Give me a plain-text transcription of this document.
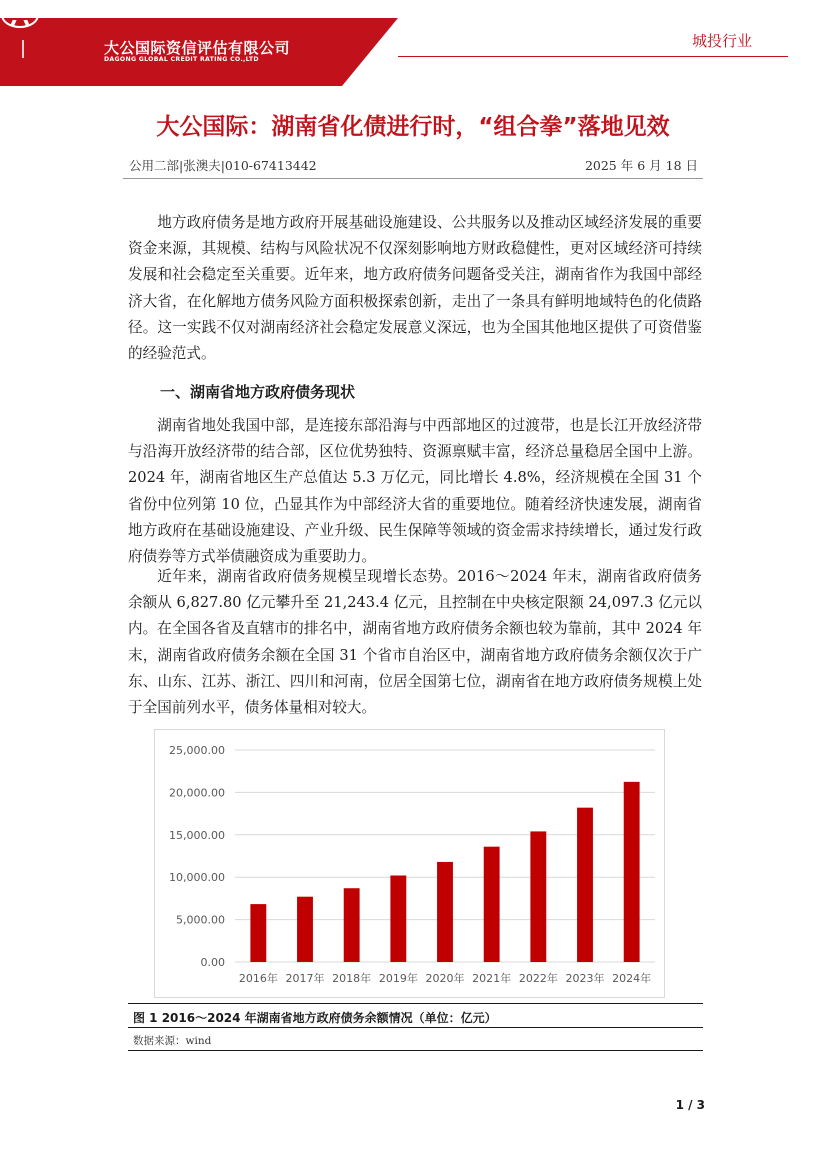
大公国际资信评估有限公司
DAGONG GLOBAL CREDIT RATING CO.,LTD
城投行业
大公国际：湖南省化债进行时，“组合拳”落地见效
公用二部|张澳夫|010-67413442	2025 年 6 月 18 日

地方政府债务是地方政府开展基础设施建设、公共服务以及推动区域经济发展的重要资金来源，其规模、结构与风险状况不仅深刻影响地方财政稳健性，更对区域经济可持续发展和社会稳定至关重要。近年来，地方政府债务问题备受关注，湖南省作为我国中部经济大省，在化解地方债务风险方面积极探索创新，走出了一条具有鲜明地域特色的化债路径。这一实践不仅对湖南经济社会稳定发展意义深远，也为全国其他地区提供了可资借鉴的经验范式。

一、湖南省地方政府债务现状

湖南省地处我国中部，是连接东部沿海与中西部地区的过渡带，也是长江开放经济带与沿海开放经济带的结合部，区位优势独特、资源禀赋丰富，经济总量稳居全国中上游。2024 年，湖南省地区生产总值达 5.3 万亿元，同比增长 4.8%，经济规模在全国 31 个省份中位列第 10 位，凸显其作为中部经济大省的重要地位。随着经济快速发展，湖南省地方政府在基础设施建设、产业升级、民生保障等领域的资金需求持续增长，通过发行政府债券等方式举债融资成为重要助力。

近年来，湖南省政府债务规模呈现增长态势。2016～2024 年末，湖南省政府债务余额从 6,827.80 亿元攀升至 21,243.4 亿元，且控制在中央核定限额 24,097.3 亿元以内。在全国各省及直辖市的排名中，湖南省地方政府债务余额也较为靠前，其中 2024 年末，湖南省政府债务余额在全国 31 个省市自治区中，湖南省地方政府债务余额仅次于广东、山东、江苏、浙江、四川和河南，位居全国第七位，湖南省在地方政府债务规模上处于全国前列水平，债务体量相对较大。

0.00
5,000.00
10,000.00
15,000.00
20,000.00
25,000.00
2016年 2017年 2018年 2019年 2020年 2021年 2022年 2023年 2024年
图 1 2016～2024 年湖南省地方政府债务余额情况（单位：亿元）
数据来源：wind
1 / 3
